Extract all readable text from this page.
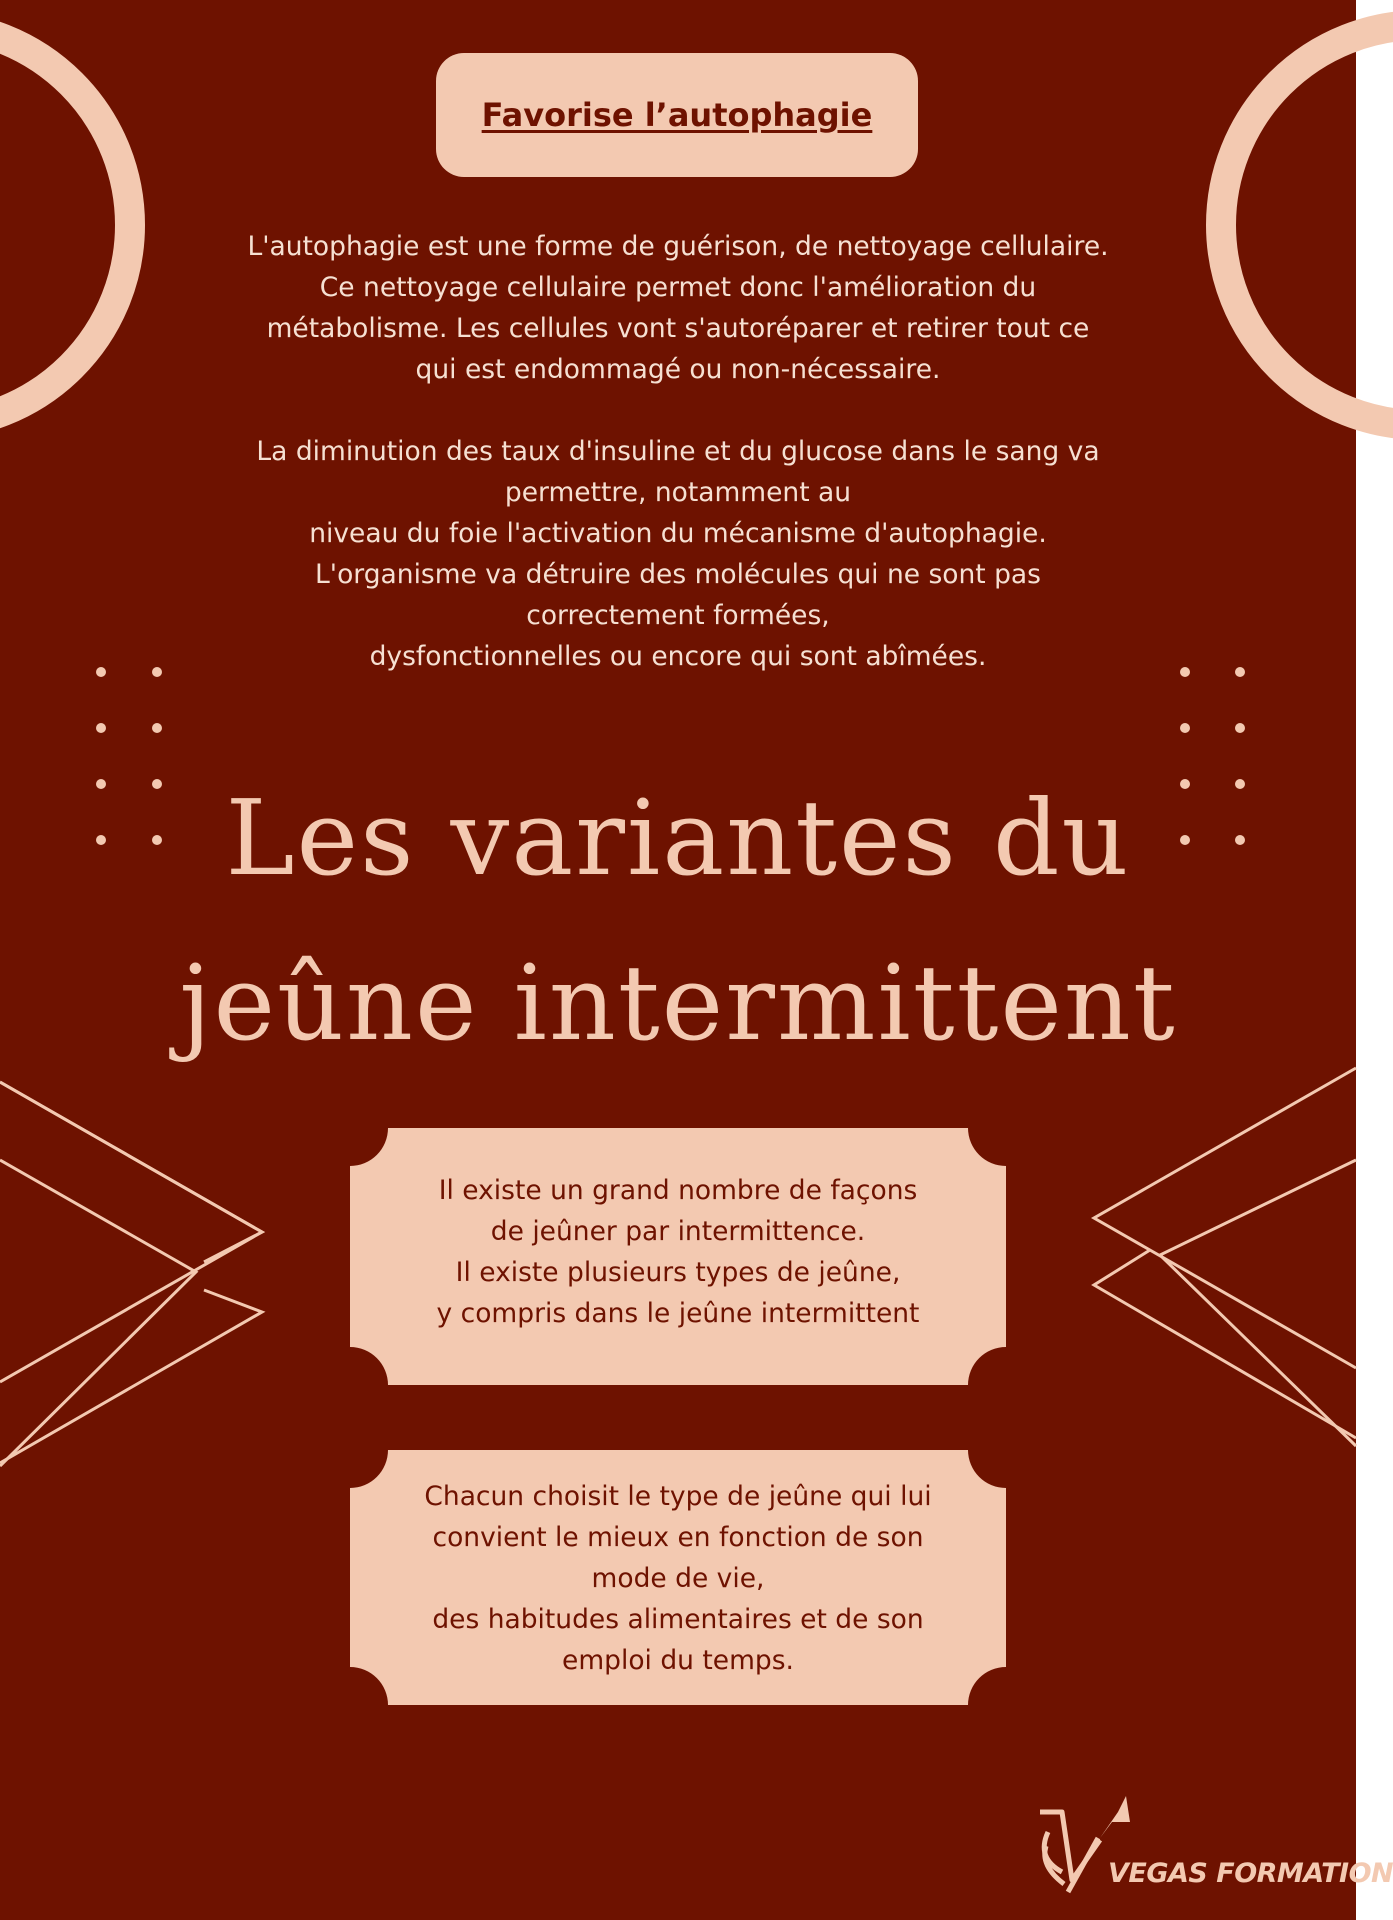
Favorise l’autophagie

L'autophagie est une forme de guérison, de nettoyage cellulaire.
Ce nettoyage cellulaire permet donc l'amélioration du
métabolisme. Les cellules vont s'autoréparer et retirer tout ce
qui est endommagé ou non-nécessaire.

La diminution des taux d'insuline et du glucose dans le sang va
permettre, notamment au
niveau du foie l'activation du mécanisme d'autophagie.
L'organisme va détruire des molécules qui ne sont pas
correctement formées,
dysfonctionnelles ou encore qui sont abîmées.

Les variantes du
jeûne intermittent

Il existe un grand nombre de façons
de jeûner par intermittence.
Il existe plusieurs types de jeûne,
y compris dans le jeûne intermittent

Chacun choisit le type de jeûne qui lui
convient le mieux en fonction de son
mode de vie,
des habitudes alimentaires et de son
emploi du temps.

VEGAS FORMATION
